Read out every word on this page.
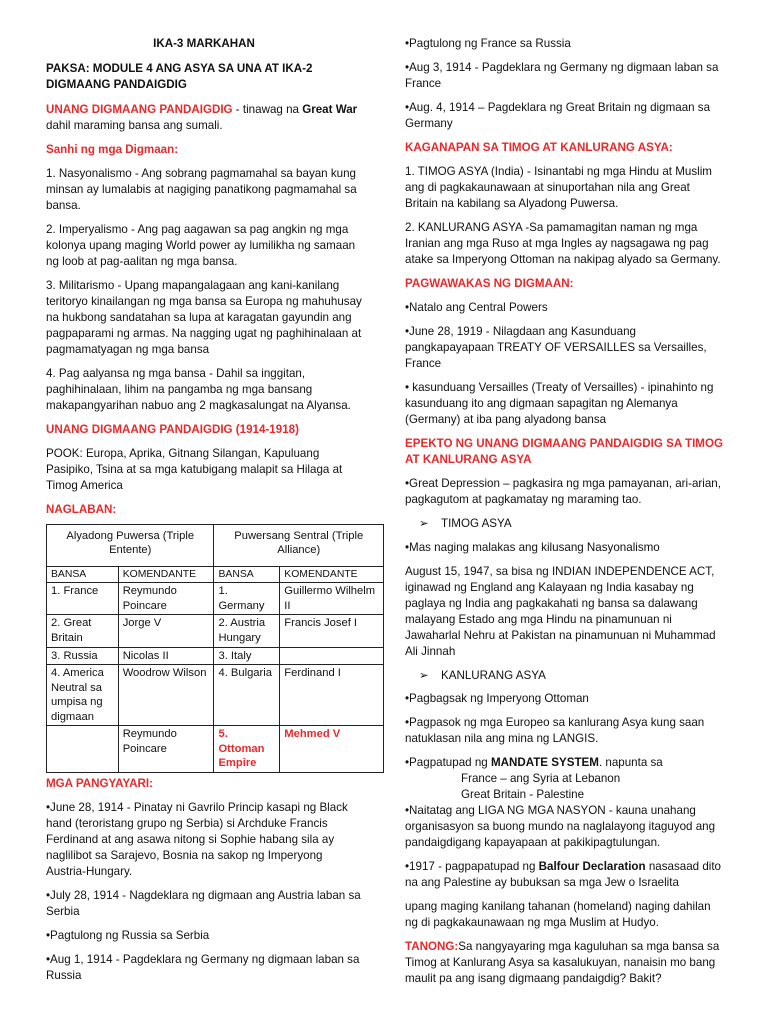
IKA-3 MARKAHAN

PAKSA: MODULE 4 ANG ASYA SA UNA AT IKA-2 DIGMAANG PANDAIGDIG

UNANG DIGMAANG PANDAIGDIG - tinawag na Great War dahil maraming bansa ang sumali.

Sanhi ng mga Digmaan:

1. Nasyonalismo - Ang sobrang pagmamahal sa bayan kung minsan ay lumalabis at nagiging panatikong pagmamahal sa bansa.

2. Imperyalismo - Ang pag aagawan sa pag angkin ng mga kolonya upang maging World power ay lumilikha ng samaan ng loob at pag-aalitan ng mga bansa.

3. Militarismo - Upang mapangalagaan ang kani-kanilang teritoryo kinailangan ng mga bansa sa Europa ng mahuhusay na hukbong sandatahan sa lupa at karagatan gayundin ang pagpaparami ng armas. Na nagging ugat ng paghihinalaan at pagmamatyagan ng mga bansa

4. Pag aalyansa ng mga bansa - Dahil sa inggitan, paghihinalaan, lihim na pangamba ng mga bansang makapangyarihan nabuo ang 2 magkasalungat na Alyansa.

UNANG DIGMAANG PANDAIGDIG (1914-1918)

POOK: Europa, Aprika, Gitnang Silangan, Kapuluang Pasipiko, Tsina at sa mga katubigang malapit sa Hilaga at Timog America

NAGLABAN:

Alyadong Puwersa (Triple Entente)		Puwersang Sentral (Triple Alliance)	
BANSA	KOMENDANTE	BANSA	KOMENDANTE
1. France	Reymundo Poincare	1. Germany	Guillermo Wilhelm II
2. Great Britain	Jorge V	2. Austria Hungary	Francis Josef I
3. Russia	Nicolas II	3. Italy	
4. America Neutral sa umpisa ng digmaan	Woodrow Wilson	4. Bulgaria	Ferdinand I
	Reymundo Poincare	5. Ottoman Empire	Mehmed V

MGA PANGYAYARI:

•June 28, 1914 - Pinatay ni Gavrilo Princip kasapi ng Black hand (teroristang grupo ng Serbia) si Archduke Francis Ferdinand at ang asawa nitong si Sophie habang sila ay naglilibot sa Sarajevo, Bosnia na sakop ng Imperyong Austria-Hungary.

•July 28, 1914 - Nagdeklara ng digmaan ang Austria laban sa Serbia

•Pagtulong ng Russia sa Serbia

•Aug 1, 1914 - Pagdeklara ng Germany ng digmaan laban sa Russia

•Pagtulong ng France sa Russia

•Aug 3, 1914 - Pagdeklara ng Germany ng digmaan laban sa France

•Aug. 4, 1914 – Pagdeklara ng Great Britain ng digmaan sa Germany

KAGANAPAN SA TIMOG AT KANLURANG ASYA:

1. TIMOG ASYA (India) - Isinantabi ng mga Hindu at Muslim ang di pagkakaunawaan at sinuportahan nila ang Great Britain na kabilang sa Alyadong Puwersa.

2. KANLURANG ASYA -Sa pamamagitan naman ng mga Iranian ang mga Ruso at mga Ingles ay nagsagawa ng pag atake sa Imperyong Ottoman na nakipag alyado sa Germany.

PAGWAWAKAS NG DIGMAAN:

•Natalo ang Central Powers

•June 28, 1919 - Nilagdaan ang Kasunduang pangkapayapaan TREATY OF VERSAILLES sa Versailles, France

• kasunduang Versailles (Treaty of Versailles) - ipinahinto ng kasunduang ito ang digmaan sapagitan ng Alemanya (Germany) at iba pang alyadong bansa

EPEKTO NG UNANG DIGMAANG PANDAIGDIG SA TIMOG AT KANLURANG ASYA

•Great Depression – pagkasira ng mga pamayanan, ari-arian, pagkagutom at pagkamatay ng maraming tao.

➢ TIMOG ASYA

•Mas naging malakas ang kilusang Nasyonalismo

August 15, 1947, sa bisa ng INDIAN INDEPENDENCE ACT, iginawad ng England ang Kalayaan ng India kasabay ng paglaya ng India ang pagkakahati ng bansa sa dalawang malayang Estado ang mga Hindu na pinamunuan ni Jawaharlal Nehru at Pakistan na pinamunuan ni Muhammad Ali Jinnah

➢ KANLURANG ASYA

•Pagbagsak ng Imperyong Ottoman

•Pagpasok ng mga Europeo sa kanlurang Asya kung saan natuklasan nila ang mina ng LANGIS.

•Pagpatupad ng MANDATE SYSTEM. napunta sa

France – ang Syria at Lebanon

Great Britain - Palestine

•Naitatag ang LIGA NG MGA NASYON - kauna unahang organisasyon sa buong mundo na naglalayong itaguyod ang pandaigdigang kapayapaan at pakikipagtulungan.

•1917 - pagpapatupad ng Balfour Declaration nasasaad dito na ang Palestine ay bubuksan sa mga Jew o Israelita

upang maging kanilang tahanan (homeland) naging dahilan ng di pagkakaunawaan ng mga Muslim at Hudyo.

TANONG:Sa nangyayaring mga kaguluhan sa mga bansa sa Timog at Kanlurang Asya sa kasalukuyan, nanaisin mo bang maulit pa ang isang digmaang pandaigdig? Bakit?
